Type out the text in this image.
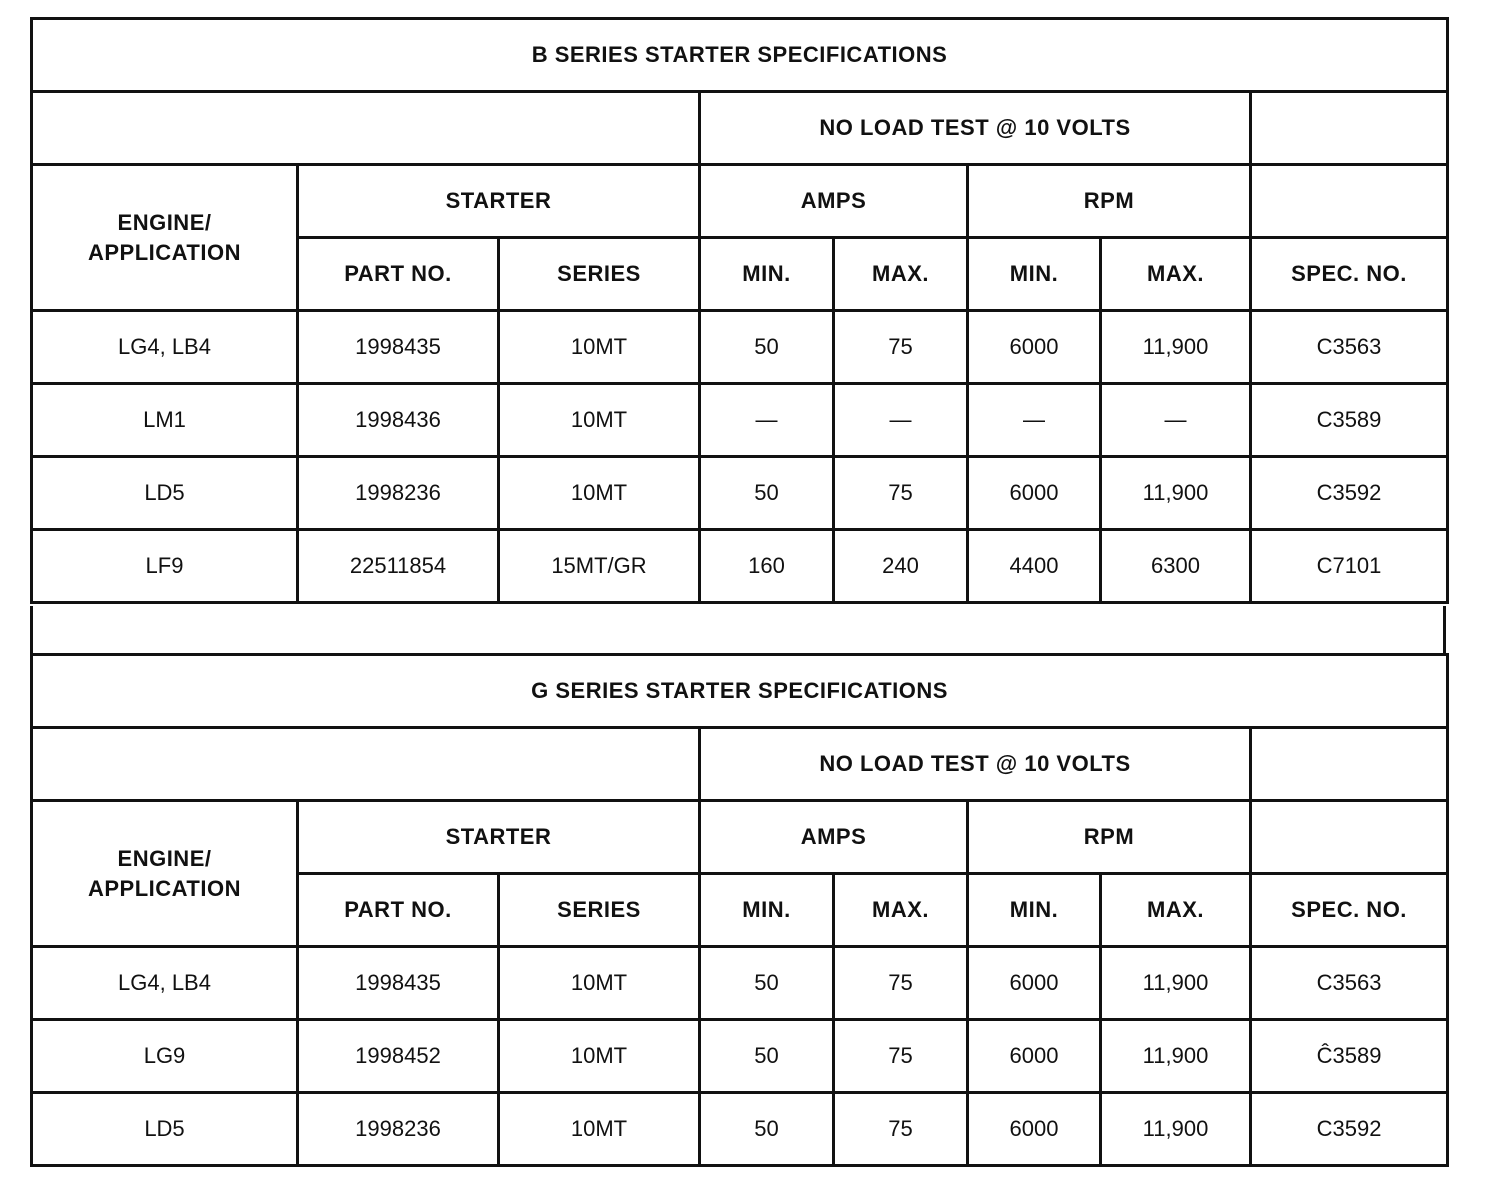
B SERIES STARTER SPECIFICATIONS							
			NO LOAD TEST @ 10 VOLTS				
ENGINE/
APPLICATION	STARTER		AMPS		RPM		
	PART NO.	SERIES	MIN.	MAX.	MIN.	MAX.	SPEC. NO.
LG4, LB4	1998435	10MT	50	75	6000	11,900	C3563
LM1	1998436	10MT	—	—	—	—	C3589
LD5	1998236	10MT	50	75	6000	11,900	C3592
LF9	22511854	15MT/GR	160	240	4400	6300	C7101
G SERIES STARTER SPECIFICATIONS							
			NO LOAD TEST @ 10 VOLTS				
ENGINE/
APPLICATION	STARTER		AMPS		RPM		
	PART NO.	SERIES	MIN.	MAX.	MIN.	MAX.	SPEC. NO.
LG4, LB4	1998435	10MT	50	75	6000	11,900	C3563
LG9	1998452	10MT	50	75	6000	11,900	Ĉ3589
LD5	1998236	10MT	50	75	6000	11,900	C3592
